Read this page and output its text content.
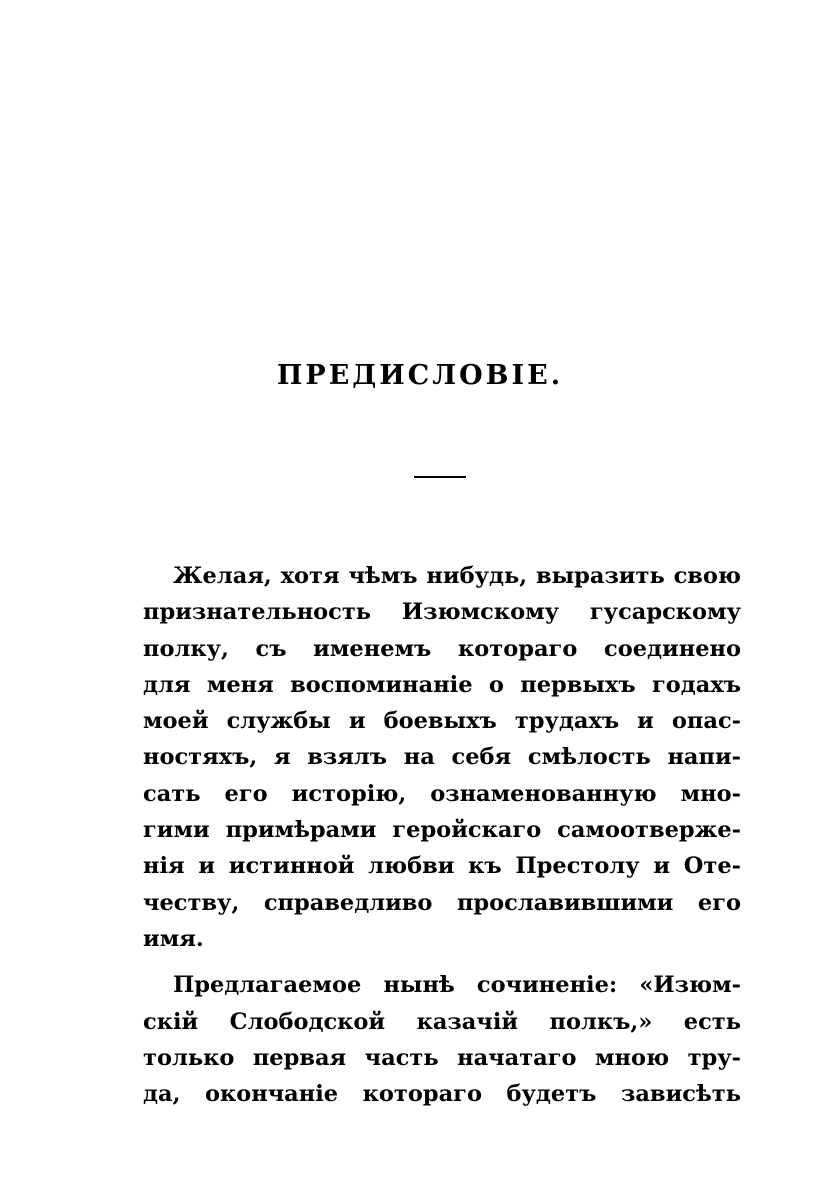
ПРЕДИСЛОВІЕ.
Желая, хотя чѣмъ нибудь, выразить свою
признательность Изюмскому гусарскому
полку, съ именемъ котораго соединено
для меня воспоминаніе о первыхъ годахъ
моей службы и боевыхъ трудахъ и опас-
ностяхъ, я взялъ на себя смѣлость напи-
сать его исторію, ознаменованную мно-
гими примѣрами геройскаго самоотверже-
нія и истинной любви къ Престолу и Оте-
честву, справедливо прославившими его
имя.
Предлагаемое нынѣ сочиненіе: «Изюм-
скій Слободской казачій полкъ,» есть
только первая часть начатаго мною тру-
да, окончаніе котораго будетъ зависѣть
